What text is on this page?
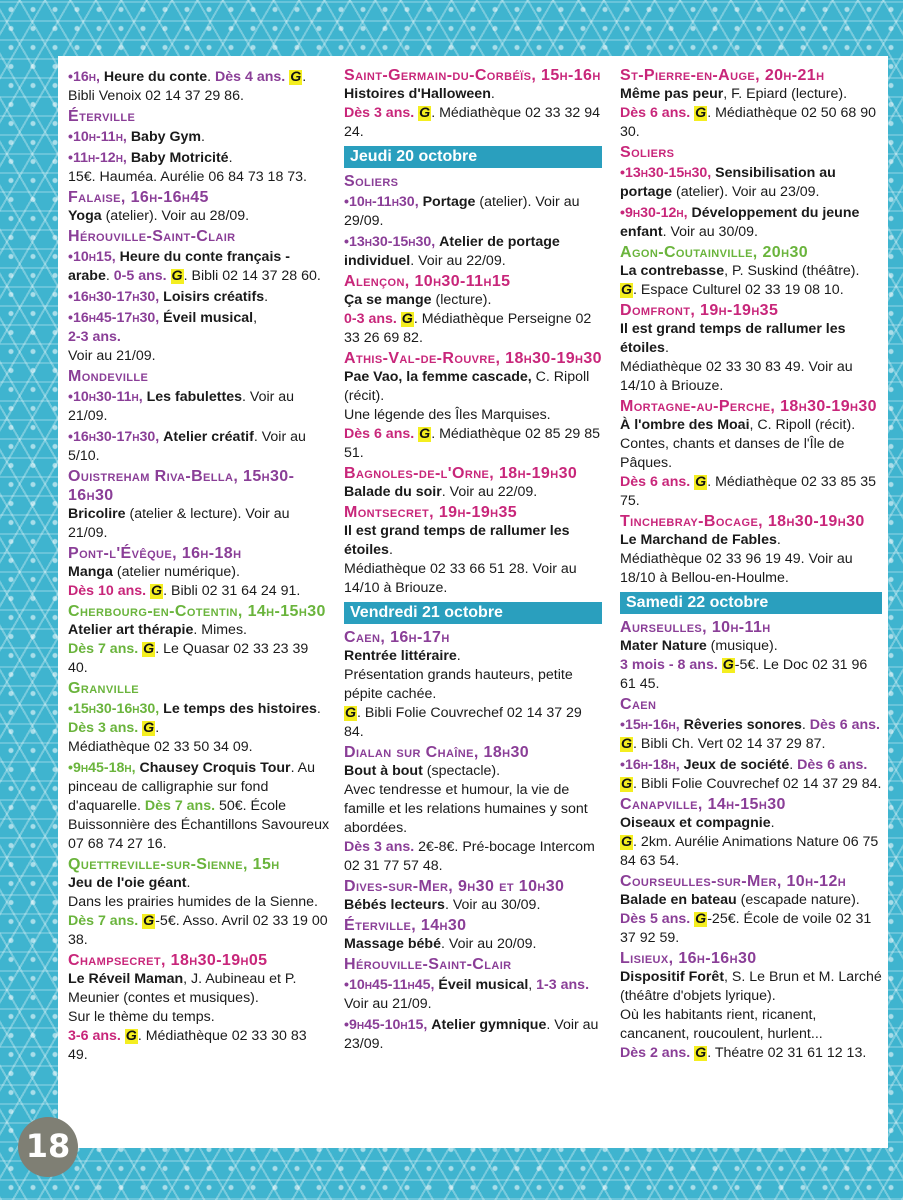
•16h, Heure du conte. Dès 4 ans. G. Bibli Venoix 02 14 37 29 86.
Éterville
•10h-11h, Baby Gym.
•11h-12h, Baby Motricité.
15€. Hauméa. Aurélie 06 84 73 18 73.
Falaise, 16h-16h45
Yoga (atelier). Voir au 28/09.
Hérouville-Saint-Clair
•10h15, Heure du conte français - arabe. 0-5 ans. G. Bibli 02 14 37 28 60.
•16h30-17h30, Loisirs créatifs.
•16h45-17h30, Éveil musical,
2-3 ans.
Voir au 21/09.
Mondeville
•10h30-11h, Les fabulettes. Voir au 21/09.
•16h30-17h30, Atelier créatif. Voir au 5/10.
Ouistreham Riva-Bella, 15h30-16h30
Bricolire (atelier & lecture). Voir au 21/09.
Pont-l'Évêque, 16h-18h
Manga (atelier numérique).
Dès 10 ans. G. Bibli 02 31 64 24 91.
Cherbourg-en-Cotentin, 14h-15h30
Atelier art thérapie. Mimes.
Dès 7 ans. G. Le Quasar 02 33 23 39 40.
Granville
•15h30-16h30, Le temps des histoires. Dès 3 ans. G.
Médiathèque 02 33 50 34 09.
•9h45-18h, Chausey Croquis Tour. Au pinceau de calligraphie sur fond d'aquarelle. Dès 7 ans. 50€. École Buissonnière des Échantillons Savoureux 07 68 74 27 16.
Quettreville-sur-Sienne, 15h
Jeu de l'oie géant.
Dans les prairies humides de la Sienne.
Dès 7 ans. G-5€. Asso. Avril 02 33 19 00 38.
Champsecret, 18h30-19h05
Le Réveil Maman, J. Aubineau et P. Meunier (contes et musiques).
Sur le thème du temps.
3-6 ans. G. Médiathèque 02 33 30 83 49.
Saint-Germain-du-Corbéïs, 15h-16h
Histoires d'Halloween.
Dès 3 ans. G. Médiathèque 02 33 32 94 24.
Jeudi 20 octobre
Soliers
•10h-11h30, Portage (atelier). Voir au 29/09.
•13h30-15h30, Atelier de portage individuel. Voir au 22/09.
Alençon, 10h30-11h15
Ça se mange (lecture).
0-3 ans. G. Médiathèque Perseigne 02 33 26 69 82.
Athis-Val-de-Rouvre, 18h30-19h30
Pae Vao, la femme cascade, C. Ripoll (récit).
Une légende des Îles Marquises.
Dès 6 ans. G. Médiathèque 02 85 29 85 51.
Bagnoles-de-l'Orne, 18h-19h30
Balade du soir. Voir au 22/09.
Montsecret, 19h-19h35
Il est grand temps de rallumer les étoiles.
Médiathèque 02 33 66 51 28. Voir au 14/10 à Briouze.
Vendredi 21 octobre
Caen, 16h-17h
Rentrée littéraire.
Présentation grands hauteurs, petite pépite cachée.
G. Bibli Folie Couvrechef 02 14 37 29 84.
Dialan sur Chaîne, 18h30
Bout à bout (spectacle).
Avec tendresse et humour, la vie de famille et les relations humaines y sont abordées.
Dès 3 ans. 2€-8€. Pré-bocage Intercom 02 31 77 57 48.
Dives-sur-Mer, 9h30 et 10h30
Bébés lecteurs. Voir au 30/09.
Éterville, 14h30
Massage bébé. Voir au 20/09.
Hérouville-Saint-Clair
•10h45-11h45, Éveil musical, 1-3 ans. Voir au 21/09.
•9h45-10h15, Atelier gymnique. Voir au 23/09.
St-Pierre-en-Auge, 20h-21h
Même pas peur, F. Epiard (lecture).
Dès 6 ans. G. Médiathèque 02 50 68 90 30.
Soliers
•13h30-15h30, Sensibilisation au portage (atelier). Voir au 23/09.
•9h30-12h, Développement du jeune enfant. Voir au 30/09.
Agon-Coutainville, 20h30
La contrebasse, P. Suskind (théâtre).
G. Espace Culturel 02 33 19 08 10.
Domfront, 19h-19h35
Il est grand temps de rallumer les étoiles.
Médiathèque 02 33 30 83 49. Voir au 14/10 à Briouze.
Mortagne-au-Perche, 18h30-19h30
À l'ombre des Moai, C. Ripoll (récit).
Contes, chants et danses de l'Île de Pâques.
Dès 6 ans. G. Médiathèque 02 33 85 35 75.
Tinchebray-Bocage, 18h30-19h30
Le Marchand de Fables.
Médiathèque 02 33 96 19 49. Voir au 18/10 à Bellou-en-Houlme.
Samedi 22 octobre
Aurseulles, 10h-11h
Mater Nature (musique).
3 mois - 8 ans. G-5€. Le Doc 02 31 96 61 45.
Caen
•15h-16h, Rêveries sonores. Dès 6 ans. G. Bibli Ch. Vert 02 14 37 29 87.
•16h-18h, Jeux de société. Dès 6 ans. G. Bibli Folie Couvrechef 02 14 37 29 84.
Canapville, 14h-15h30
Oiseaux et compagnie.
G. 2km. Aurélie Animations Nature 06 75 84 63 54.
Courseulles-sur-Mer, 10h-12h
Balade en bateau (escapade nature).
Dès 5 ans. G-25€. École de voile 02 31 37 92 59.
Lisieux, 16h-16h30
Dispositif Forêt, S. Le Brun et M. Larché (théâtre d'objets lyrique).
Où les habitants rient, ricanent, cancanent, roucoulent, hurlent...
Dès 2 ans. G. Théatre 02 31 61 12 13.
18
